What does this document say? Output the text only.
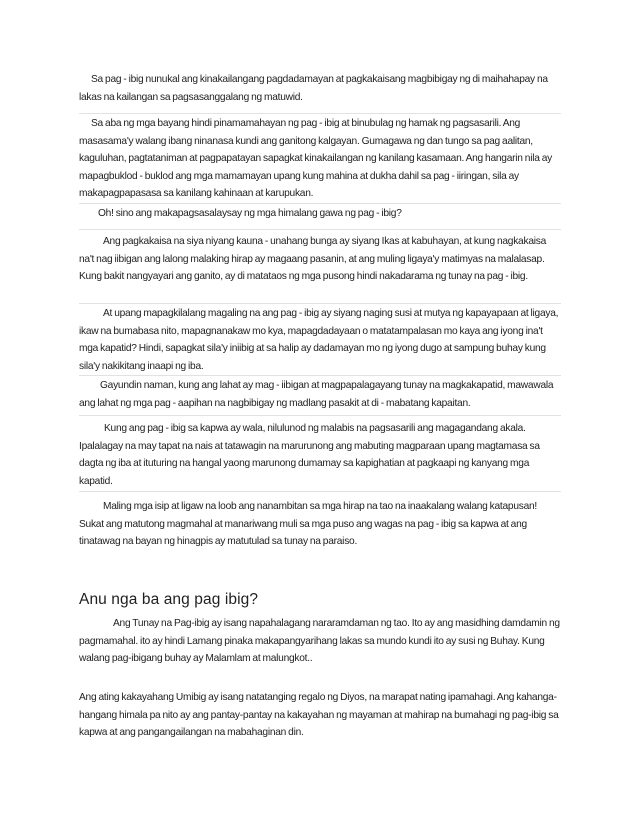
Sa pag - ibig nunukal ang kinakailangang pagdadamayan at pagkakaisang magbibigay ng di maihahapay na lakas na kailangan sa pagsasanggalang ng matuwid.

Sa aba ng mga bayang hindi pinamamahayan ng pag - ibig at binubulag ng hamak ng pagsasarili. Ang masasama'y walang ibang ninanasa kundi ang ganitong kalgayan. Gumagawa ng dan tungo sa pag aalitan, kaguluhan, pagtataniman at pagpapatayan sapagkat kinakailangan ng kanilang kasamaan. Ang hangarin nila ay mapagbuklod - buklod ang mga mamamayan upang kung mahina at dukha dahil sa pag - iiringan, sila ay makapagpapasasa sa kanilang kahinaan at karupukan.

Oh! sino ang makapagsasalaysay ng mga himalang gawa ng pag - ibig?

Ang pagkakaisa na siya niyang kauna - unahang bunga ay siyang Ikas at kabuhayan, at kung nagkakaisa na't nag iibigan ang lalong malaking hirap ay magaang pasanin, at ang muling ligaya'y matimyas na malalasap. Kung bakit nangyayari ang ganito, ay di matataos ng mga pusong hindi nakadarama ng tunay na pag - ibig.

At upang mapagkilalang magaling na ang pag - ibig ay siyang naging susi at mutya ng kapayapaan at ligaya, ikaw na bumabasa nito, mapagnanakaw mo kya, mapagdadayaan o matatampalasan mo kaya ang iyong ina't mga kapatid? Hindi, sapagkat sila'y iniibig at sa halip ay dadamayan mo ng iyong dugo at sampung buhay kung sila'y nakikitang inaapi ng iba.

Gayundin naman, kung ang lahat ay mag - iibigan at magpapalagayang tunay na magkakapatid, mawawala ang lahat ng mga pag - aapihan na nagbibigay ng madlang pasakit at di - mabatang kapaitan.

Kung ang pag - ibig sa kapwa ay wala, nilulunod ng malabis na pagsasarili ang magagandang akala. Ipalalagay na may tapat na nais at tatawagin na marurunong ang mabuting magparaan upang magtamasa sa dagta ng iba at ituturing na hangal yaong marunong dumamay sa kapighatian at pagkaapi ng kanyang mga kapatid.

Maling mga isip at ligaw na loob ang nanambitan sa mga hirap na tao na inaakalang walang katapusan! Sukat ang matutong magmahal at manariwang muli sa mga puso ang wagas na pag - ibig sa kapwa at ang tinatawag na bayan ng hinagpis ay matutulad sa tunay na paraiso.

Anu nga ba ang pag ibig?

Ang Tunay na Pag-ibig ay isang napahalagang nararamdaman ng tao. Ito ay ang masidhing damdamin ng pagmamahal. ito ay hindi Lamang pinaka makapangyarihang lakas sa mundo kundi ito ay susi ng Buhay. Kung walang pag-ibigang buhay ay Malamlam at malungkot..

Ang ating kakayahang Umibig ay isang natatanging regalo ng Diyos, na marapat nating ipamahagi. Ang kahanga-hangang himala pa nito ay ang pantay-pantay na kakayahan ng mayaman at mahirap na bumahagi ng pag-ibig sa kapwa at ang pangangailangan na mabahaginan din.
